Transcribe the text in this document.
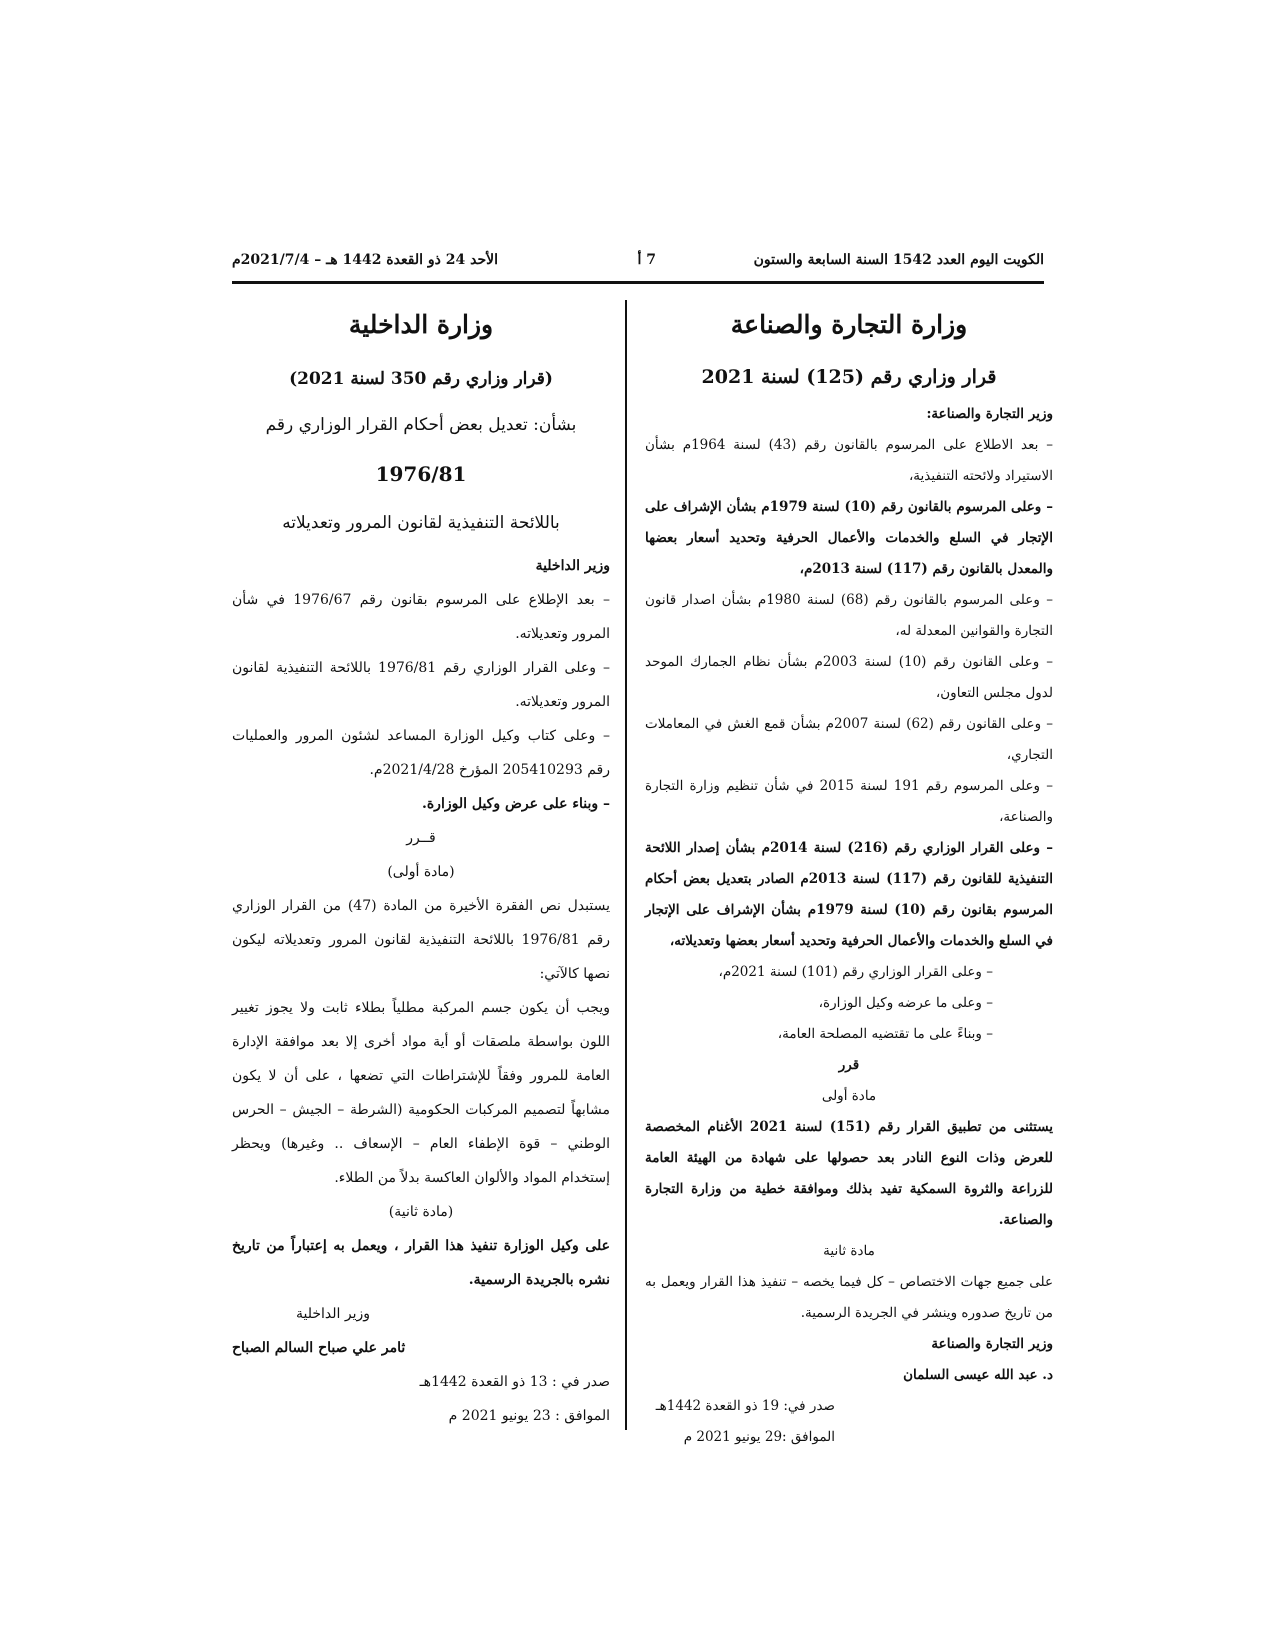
الكويت اليوم العدد 1542 السنة السابعة والستون
7 أ
الأحد 24 ذو القعدة 1442 هـ – 2021/7/4م
وزارة التجارة والصناعة
قرار وزاري رقم (125) لسنة 2021

وزير التجارة والصناعة:

– بعد الاطلاع على المرسوم بالقانون رقم (43) لسنة 1964م بشأن الاستيراد ولائحته التنفيذية،

– وعلى المرسوم بالقانون رقم (10) لسنة 1979م بشأن الإشراف على الإتجار في السلع والخدمات والأعمال الحرفية وتحديد أسعار بعضها والمعدل بالقانون رقم (117) لسنة 2013م،

– وعلى المرسوم بالقانون رقم (68) لسنة 1980م بشأن اصدار قانون التجارة والقوانين المعدلة له،

– وعلى القانون رقم (10) لسنة 2003م بشأن نظام الجمارك الموحد لدول مجلس التعاون،

– وعلى القانون رقم (62) لسنة 2007م بشأن قمع الغش في المعاملات التجاري،

– وعلى المرسوم رقم 191 لسنة 2015 في شأن تنظيم وزارة التجارة والصناعة،

– وعلى القرار الوزاري رقم (216) لسنة 2014م بشأن إصدار اللائحة التنفيذية للقانون رقم (117) لسنة 2013م الصادر بتعديل بعض أحكام المرسوم بقانون رقم (10) لسنة 1979م بشأن الإشراف على الإتجار في السلع والخدمات والأعمال الحرفية وتحديد أسعار بعضها وتعديلاته،

– وعلى القرار الوزاري رقم (101) لسنة 2021م،

– وعلى ما عرضه وكيل الوزارة،

– وبناءً على ما تقتضيه المصلحة العامة،

قرر

مادة أولى

يستثنى من تطبيق القرار رقم (151) لسنة 2021 الأغنام المخصصة للعرض وذات النوع النادر بعد حصولها على شهادة من الهيئة العامة للزراعة والثروة السمكية تفيد بذلك وموافقة خطية من وزارة التجارة والصناعة.

مادة ثانية

على جميع جهات الاختصاص – كل فيما يخصه – تنفيذ هذا القرار ويعمل به من تاريخ صدوره وينشر في الجريدة الرسمية.

وزير التجارة والصناعة

د. عبد الله عيسى السلمان

صدر في: 19 ذو القعدة 1442هـ

الموافق :29 يونيو 2021 م

وزارة الداخلية
(قرار وزاري رقم 350 لسنة 2021)
بشأن: تعديل بعض أحكام القرار الوزاري رقم
1976/81
باللائحة التنفيذية لقانون المرور وتعديلاته

وزير الداخلية

– بعد الإطلاع على المرسوم بقانون رقم 1976/67 في شأن المرور وتعديلاته.

– وعلى القرار الوزاري رقم 1976/81 باللائحة التنفيذية لقانون المرور وتعديلاته.

– وعلى كتاب وكيل الوزارة المساعد لشئون المرور والعمليات رقم 205410293 المؤرخ 2021/4/28م.

– وبناء على عرض وكيل الوزارة.

قــرر

(مادة أولى)

يستبدل نص الفقرة الأخيرة من المادة (47) من القرار الوزاري رقم 1976/81 باللائحة التنفيذية لقانون المرور وتعديلاته ليكون نصها كالآتي:

ويجب أن يكون جسم المركبة مطلياً بطلاء ثابت ولا يجوز تغيير اللون بواسطة ملصقات أو أية مواد أخرى إلا بعد موافقة الإدارة العامة للمرور وفقاً للإشتراطات التي تضعها ، على أن لا يكون مشابهاً لتصميم المركبات الحكومية (الشرطة – الجيش – الحرس الوطني – قوة الإطفاء العام – الإسعاف .. وغيرها) ويحظر إستخدام المواد والألوان العاكسة بدلاً من الطلاء.

(مادة ثانية)

على وكيل الوزارة تنفيذ هذا القرار ، ويعمل به إعتباراً من تاريخ نشره بالجريدة الرسمية.

وزير الداخلية

ثامر علي صباح السالم الصباح

صدر في : 13 ذو القعدة 1442هـ

الموافق : 23 يونيو 2021 م
